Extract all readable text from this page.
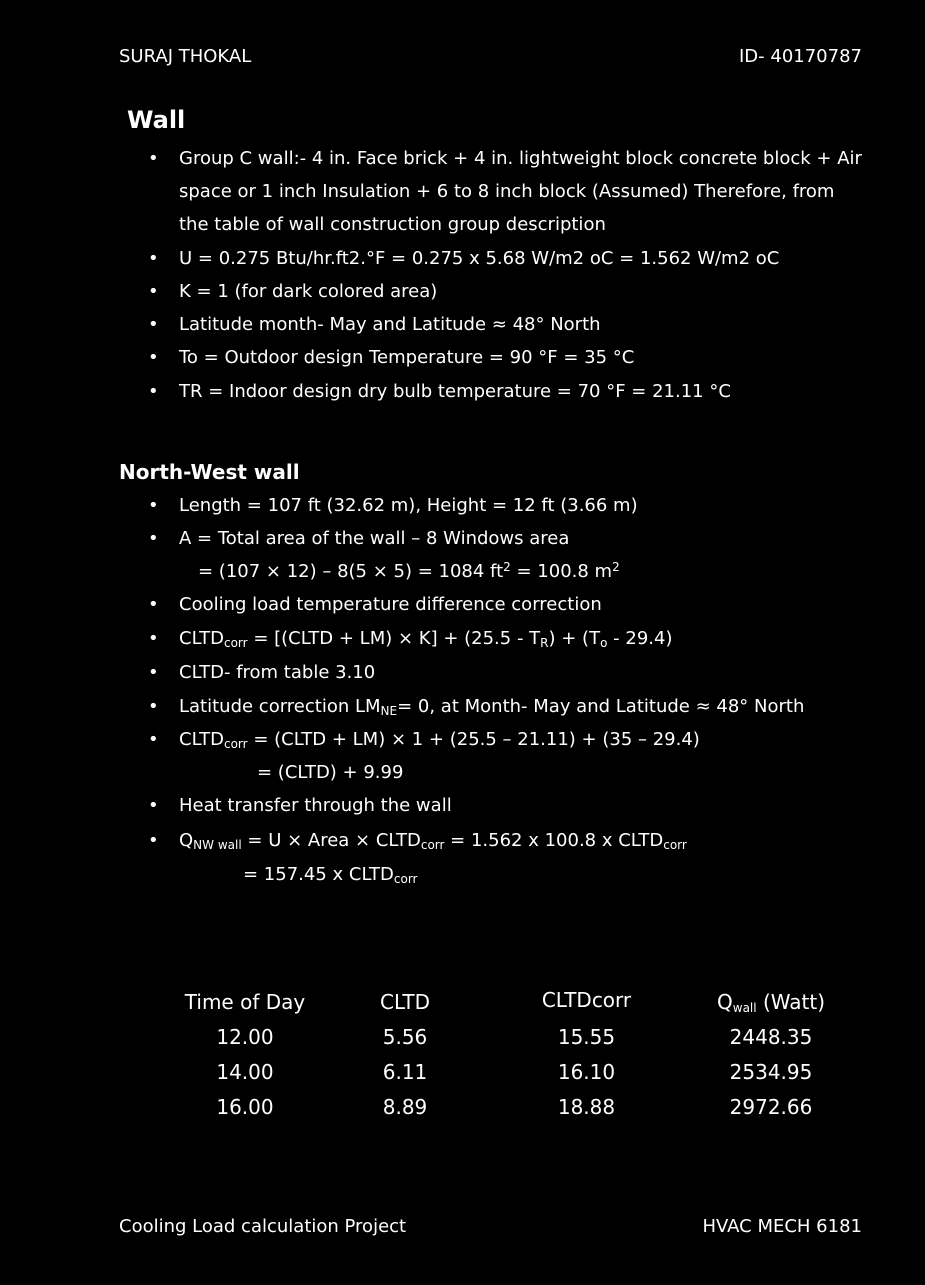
SURAJ THOKAL	ID- 40170787
Wall
• Group C wall:- 4 in. Face brick + 4 in. lightweight block concrete block + Air
space or 1 inch Insulation + 6 to 8 inch block (Assumed) Therefore, from
the table of wall construction group description
• U = 0.275 Btu/hr.ft2.°F = 0.275 x 5.68 W/m2 oC = 1.562 W/m2 oC
• K = 1 (for dark colored area)
• Latitude month- May and Latitude ≈ 48° North
• To = Outdoor design Temperature = 90 °F = 35 °C
• TR = Indoor design dry bulb temperature = 70 °F = 21.11 °C
North-West wall
• Length = 107 ft (32.62 m), Height = 12 ft (3.66 m)
• A = Total area of the wall – 8 Windows area
= (107 × 12) – 8(5 × 5) = 1084 $ft^2 = 100.8$ $m^2$
• Cooling load temperature difference correction
• $CLTD_{corr}$ = [(CLTD + $LM) \times K] + (25.5 - T_R) + (T_o - 29.4)$
• CLTD- from table 3.10
• Latitude correction $LM_{NE}= 0$, at Month- May and Latitude ≈ 48° North
• $CLTD_{corr}$ = (CLTD + LM) × 1 + (25.5 – 21.11) + (35 – 29.4)
= (CLTD) + 9.99
• Heat transfer through the wall
• $Q_{NW wall} = U$ × Area × $CLTD_{corr} = 1.562$ x 100.8 x $CLTD_{corr}$
= 157.45 x $CLTD_{corr}$
Time of Day	CLTD	CLTDcorr	$Q_{wall}$ (Watt)
12.00	5.56	15.55	2448.35
14.00	6.11	16.10	2534.95
16.00	8.89	18.88	2972.66
Cooling Load calculation Project	HVAC MECH 6181
